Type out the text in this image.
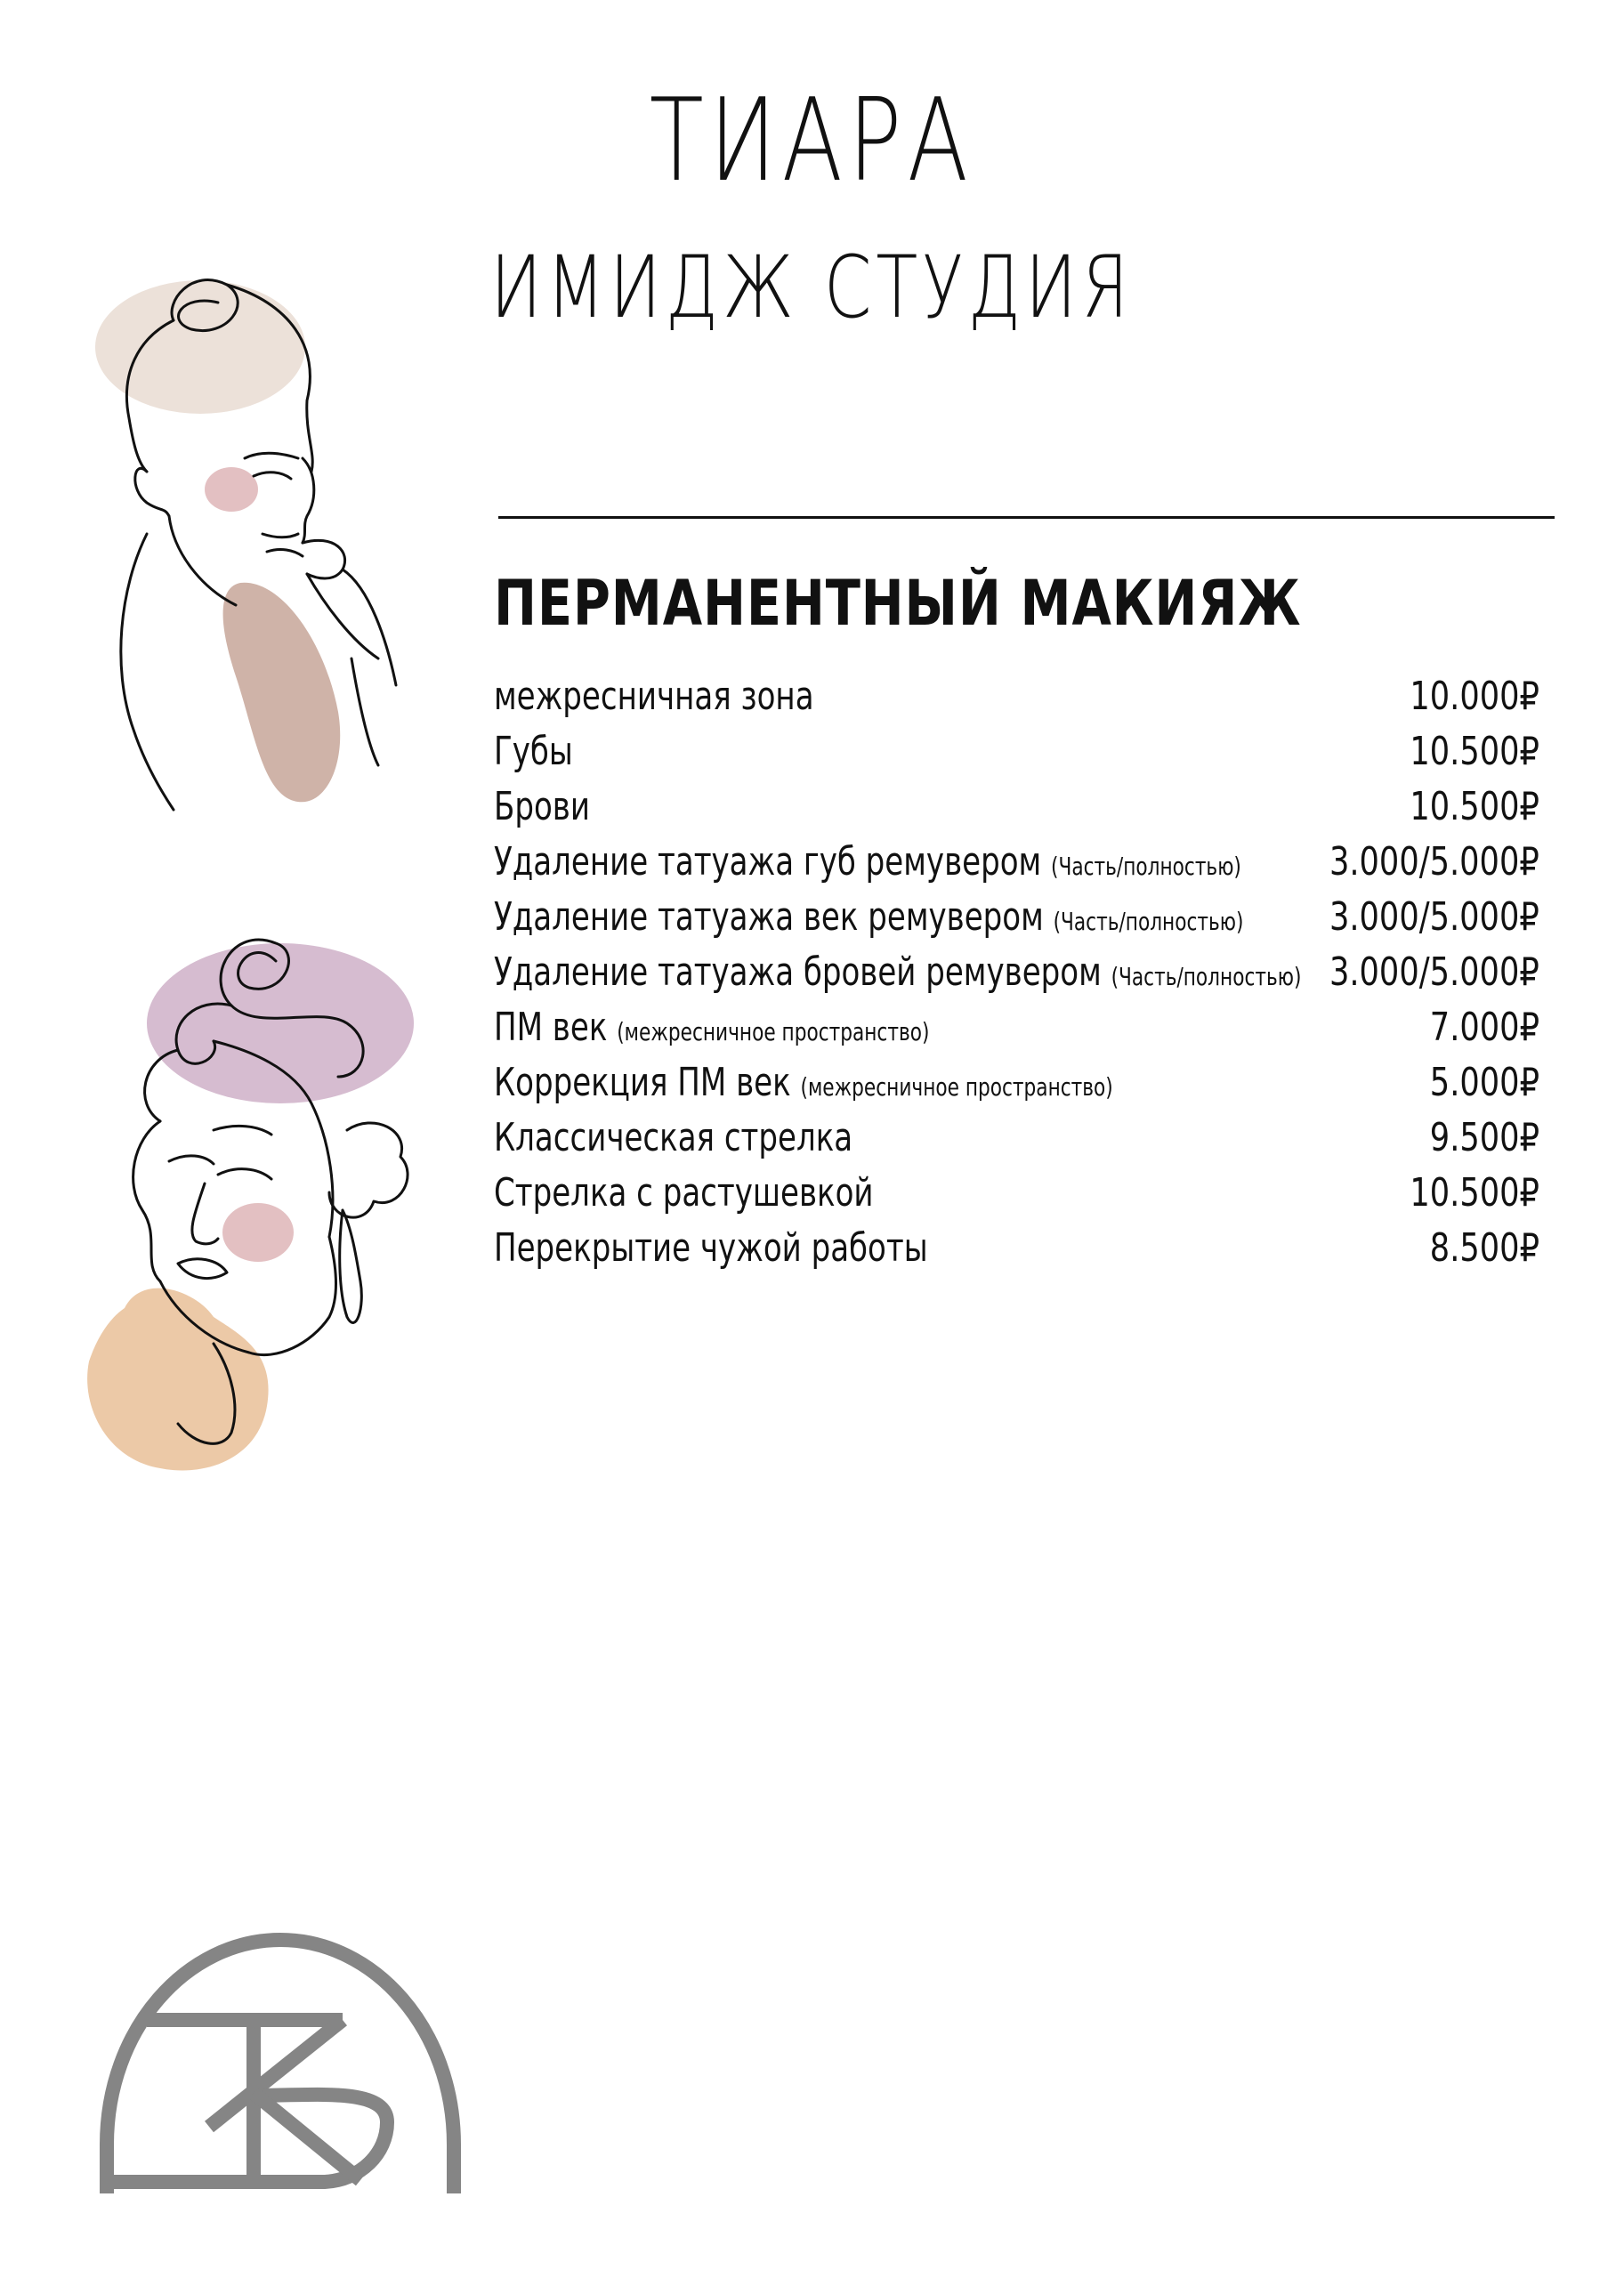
ТИАРА
ИМИДЖ СТУДИЯ
ПЕРМАНЕНТНЫЙ МАКИЯЖ
межресничная зона	10.000₽
Губы	10.500₽
Брови	10.500₽
Удаление татуажа губ ремувером (Часть/полностью) 3.000/5.000₽
Удаление татуажа век ремувером (Часть/полностью) 3.000/5.000₽
Удаление татуажа бровей ремувером (Часть/полностью) 3.000/5.000₽
ПМ век (межресничное пространство)	7.000₽
Коррекция ПМ век (межресничное пространство)	5.000₽
Классическая стрелка	9.500₽
Стрелка с растушевкой	10.500₽
Перекрытие чужой работы	8.500₽
